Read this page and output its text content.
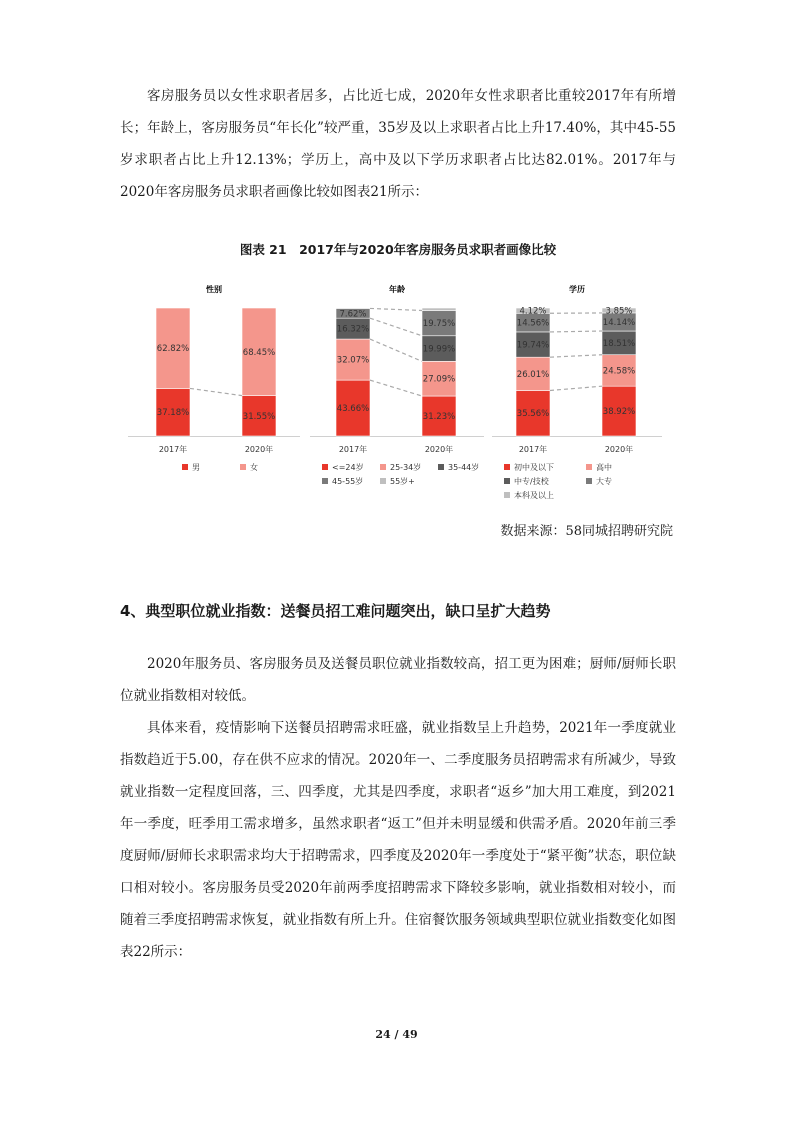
客房服务员以女性求职者居多，占比近七成，2020年女性求职者比重较2017年有所增长；年龄上，客房服务员“年长化”较严重，35岁及以上求职者占比上升17.40%，其中45-55岁求职者占比上升12.13%；学历上，高中及以下学历求职者占比达82.01%。2017年与2020年客房服务员求职者画像比较如图表21所示：

图表 21　2017年与2020年客房服务员求职者画像比较
性别
37.18%
62.82%
2017年
31.55%
68.45%
2020年
男	女
年龄
43.66%
32.07%
16.32%
7.62%
2017年
31.23%
27.09%
19.99%
19.75%
2020年
<=24岁	25-34岁	35-44岁
45-55岁	55岁+
学历
35.56%
26.01%
19.74%
14.56%
4.12%
2017年
38.92%
24.58%
18.51%
14.14%
3.85%
2020年
初中及以下	高中
中专/技校	大专
本科及以上
数据来源：58同城招聘研究院
4、典型职位就业指数：送餐员招工难问题突出，缺口呈扩大趋势

2020年服务员、客房服务员及送餐员职位就业指数较高，招工更为困难；厨师/厨师长职位就业指数相对较低。

具体来看，疫情影响下送餐员招聘需求旺盛，就业指数呈上升趋势，2021年一季度就业指数趋近于5.00，存在供不应求的情况。2020年一、二季度服务员招聘需求有所减少，导致就业指数一定程度回落，三、四季度，尤其是四季度，求职者“返乡”加大用工难度，到2021年一季度，旺季用工需求增多，虽然求职者“返工”但并未明显缓和供需矛盾。2020年前三季度厨师/厨师长求职需求均大于招聘需求，四季度及2020年一季度处于“紧平衡”状态，职位缺口相对较小。客房服务员受2020年前两季度招聘需求下降较多影响，就业指数相对较小，而随着三季度招聘需求恢复，就业指数有所上升。住宿餐饮服务领域典型职位就业指数变化如图表22所示：

24 / 49
